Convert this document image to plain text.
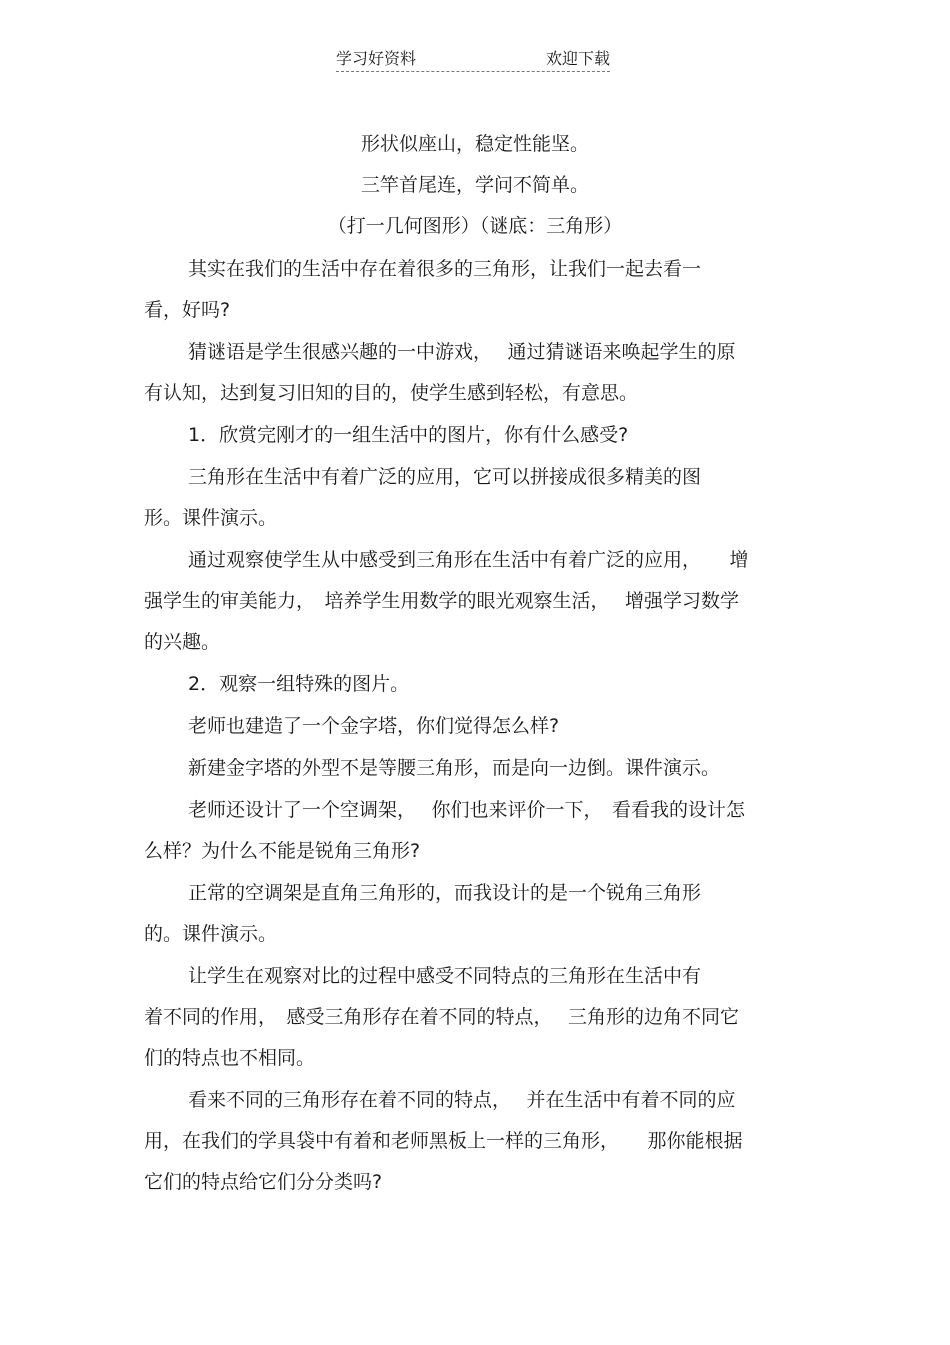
学习好资料	欢迎下载
形状似座山，稳定性能坚。
三竿首尾连，学问不简单。
（打一几何图形）（谜底：三角形）
其实在我们的生活中存在着很多的三角形，让我们一起去看一
看，好吗?
猜谜语是学生很感兴趣的一中游戏，　 通过猜谜语来唤起学生的原
有认知，达到复习旧知的目的，使学生感到轻松，有意思。
1．欣赏完刚才的一组生活中的图片，你有什么感受?
三角形在生活中有着广泛的应用，它可以拼接成很多精美的图
形。课件演示。
通过观察使学生从中感受到三角形在生活中有着广泛的应用，　　增
强学生的审美能力，　培养学生用数学的眼光观察生活，　 增强学习数学
的兴趣。
2．观察一组特殊的图片。
老师也建造了一个金字塔，你们觉得怎么样?
新建金字塔的外型不是等腰三角形，而是向一边倒。课件演示。
老师还设计了一个空调架，　 你们也来评价一下，　看看我的设计怎
么样？为什么不能是锐角三角形?
正常的空调架是直角三角形的，而我设计的是一个锐角三角形
的。课件演示。
让学生在观察对比的过程中感受不同特点的三角形在生活中有
着不同的作用，　感受三角形存在着不同的特点，　 三角形的边角不同它
们的特点也不相同。
看来不同的三角形存在着不同的特点，　 并在生活中有着不同的应
用，在我们的学具袋中有着和老师黑板上一样的三角形，　　那你能根据
它们的特点给它们分分类吗?
